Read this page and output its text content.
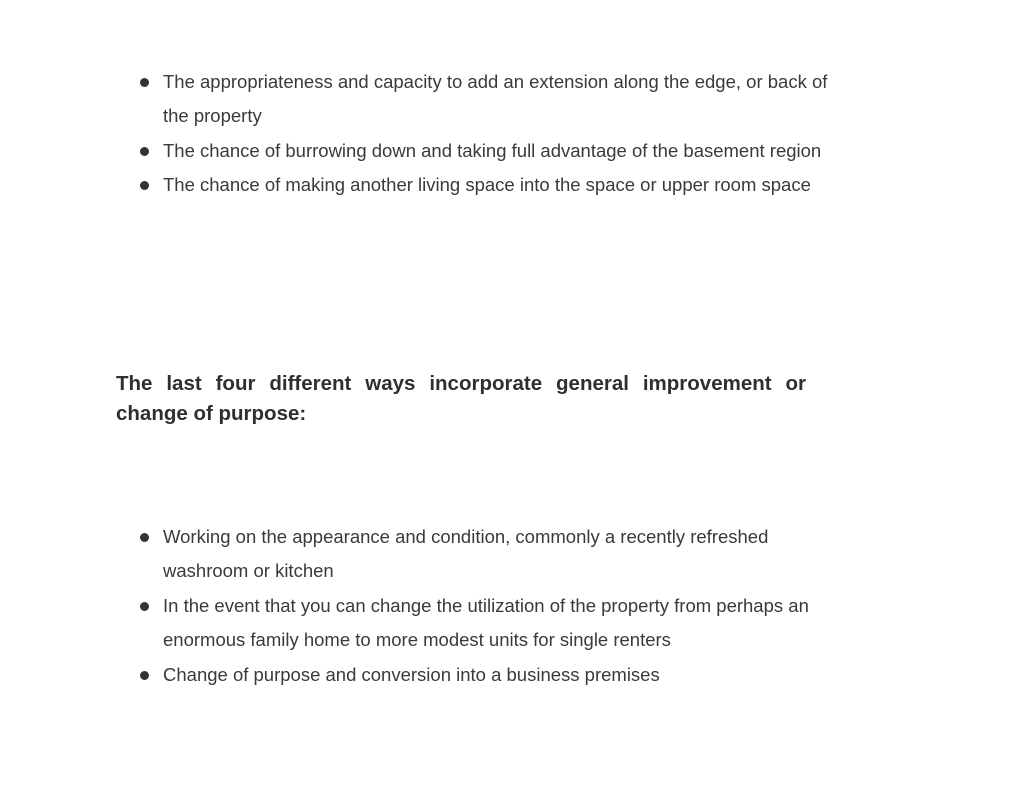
The appropriateness and capacity to add an extension along the edge, or back of the property
The chance of burrowing down and taking full advantage of the basement region
The chance of making another living space into the space or upper room space

The last four different ways incorporate general improvement or change of purpose:

Working on the appearance and condition, commonly a recently refreshed washroom or kitchen
In the event that you can change the utilization of the property from perhaps an enormous family home to more modest units for single renters
Change of purpose and conversion into a business premises
